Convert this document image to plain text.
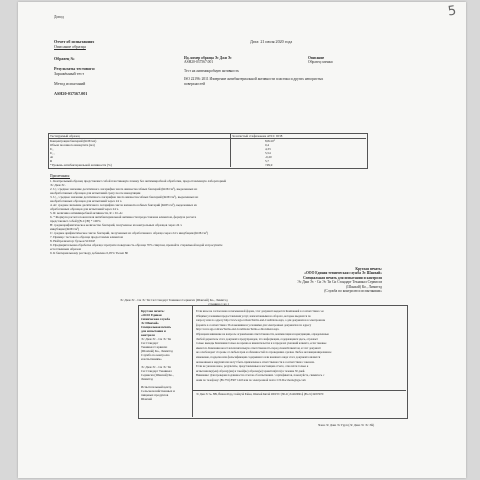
5
Допод
Отчет об испытаниях
Описание образца
Дата: 21 июля 2020 года
Образец №

Результаты тестового:
Заражённый тест

Метод испытаний

ASH20-037567.001
Ид. номер образца Эс Джи Эс
ASH20-037567.001
Тест на антимикробную активность
ISO 22196: 2011 Измерение антибактериальной активности пластика и других непористых
поверхностей
Описание
Образец пленки
Тестируемый образец	Золотистый стафилококк АТСС 6538
Концентрация бактерий (КОЕ/мл)
Объем посевного инокулята (мл)
U₀
U₂₄
At
R
*Уровень антибактериальной активности (%)
8,8х10⁵
0,4
4,33
5,54
-0,20
5,7
>99,9
Примечания:
1. Контрольный образец представляет собой пластиковую пленку без антимикробной обработки, предоставленную лабораторией
Эс Джи Эс.
2. U₀: среднее значение десятичного логарифма числа жизнеспособных бактерий (КОЕ/см²), выделенных из
необработанных образцов для испытаний сразу после инокуляции
3. U₂₄: среднее значение десятичного логарифма числа жизнеспособных бактерий (КОЕ/см²), выделенных из
необработанных образцов для испытаний через 24 ч.
4. At: среднее значение десятичного логарифма числа жизнеспособных бактерий (КОЕ/см²), выделенных из
обработанных образцов для испытаний через 24 ч.
5. R: величина антимикробной активности, R = Ut-At
6. * Формула расчета показателя антибактериальной активности предоставлена клиентом, формула расчета
представляет собой [(B-C)/B] * 100%
B: среднеарифметическое количество бактерий, полученное из контрольных образцов через 24 ч
инкубации (КОЕ/см²)
C: среднее арифметическое число бактерий, полученных из обработанного образца через 24 ч инкубации (КОЕ/см²)
7. Пример: тестового образца предоставлен клиентом
8. Нейтрализатор: бульон SCDLP
9. Предварительная обработка образца: протрите поверхность образца 70% спиртом, промойте стерильной водой и просушите
естественным образом
9. К бактериальному раствору добавлено 0,05% Tween 80
Круглая печать:
«ООО Единая техническая служба Эс Шанхай»
Специальная печать для испытания и контроля
Эс Джи Эс - Си Эс Ти Си Стандарт Текникал Сервисиз
(Шанхай) Ко., Лимитэд
(Служба по контролю и испытаниям»
Эс Джи Эс - Си Эс Ти Си Стандарт Текникал Сервисиз (Шанхай) Ко., Лимитэд
страница 1 из 1
Круглая печать:
«ООО Единая
техническая служба
Эс Шанхай»
Специальная печать
для испытания и
контроля
Эс Джи Эс - Си Эс Ти
Си Стандарт
Текникал Сервисиз
(Шанхай) Ко., Лимитэд
Служба по контролю
и испытаниям»

Эс Джи Эс - Си Эс Ти
Си Стандарт Текникал
Сервисиз (Шанхай) Ко.,
Лимитэд

Испытательный центр
Сельскохозяйственных и
пищевых продуктов
Шанхай
Если иное не согласовано в письменной форме, этот документ выдается Компанией в соответствии с ее
Общими условиями предоставления услуг, напечатанными на обороте, которые выдаются по
запросу или по адресу http://www.sgs.com/en/Terms-and-Conditions.aspx, а для документов в электронном
формате в соответствии с Положениями и условиями для электронных документов по адресу
http://www.sgs.com/en/Terms-and-Conditions/Terms-e-Document.aspx.
Обращаем внимание на вопросы ограничения ответственности, компенсации и юрисдикции, определенные
Любой держатель этого документа предупрежден, что информация, содержащаяся здесь, отражает
только выводы Компании только во время ее вмешательства и в пределах указаний клиента, если таковые
имеются. Компания несет исключительную ответственность перед своим Клиентом, и этот документ
не освобождает стороны от любых прав и обязанностей по проведению сделки. Любое несанкционированное
изменение, подделка или фальсификация содержимого или внешнего вида этого документа является
незаконным и нарушители могут быть привлечены к ответственности в соответствии с законом.
Если не указано иное, результаты, представленные в настоящем отчете, относятся только к
испытанному(ым) образцу(ам) и такой(ие) образец(ы) хранится(ятся) в течение 30 дней.
Внимание: Для проверки подлинности отчетов об испытаниях / сертификатов, пожалуйста, свяжитесь с
нами по телефону: (86-755) 8307 1443 или по электронной почте: CN.Doccheck@sgs.com
Эс Джи Эс №. 889, Йишан Роуд, Сюйхуэй Район, Шанхай Китай 200233 т (86-21) 61402666 ф (86-21) 64953679
Член Эс Джи Эс Груп (Эс Джи Эс Эс Эй)
